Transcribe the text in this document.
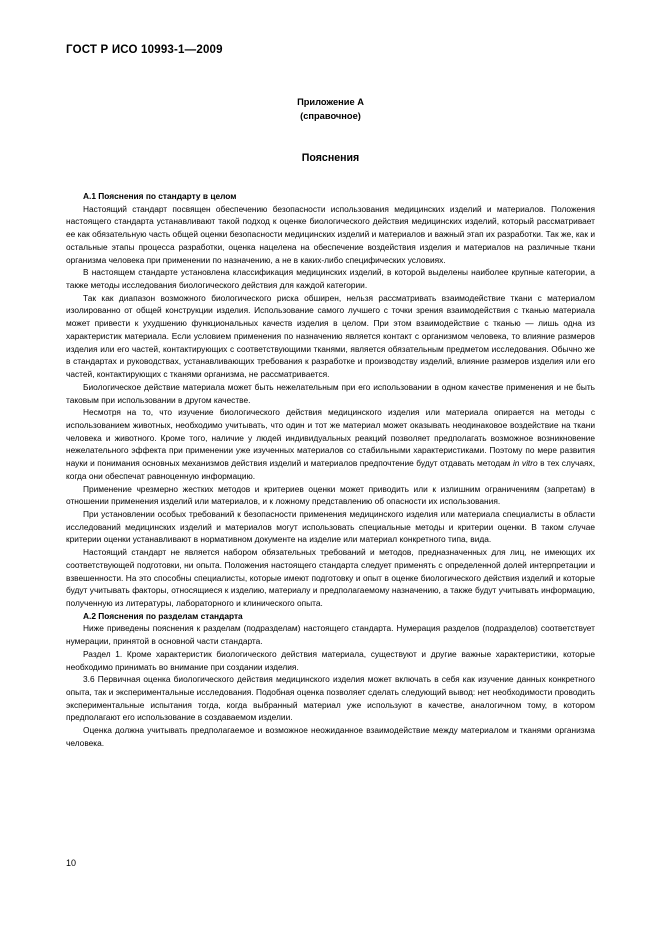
ГОСТ Р ИСО 10993-1—2009
Приложение А
(справочное)
Пояснения

А.1 Пояснения по стандарту в целом

Настоящий стандарт посвящен обеспечению безопасности использования медицинских изделий и материалов. Положения настоящего стандарта устанавливают такой подход к оценке биологического действия медицинских изделий, который рассматривает ее как обязательную часть общей оценки безопасности медицинских изделий и материалов и важный этап их разработки. Так же, как и остальные этапы процесса разработки, оценка нацелена на обеспечение воздействия изделия и материалов на различные ткани организма человека при применении по назначению, а не в каких-либо специфических условиях.

В настоящем стандарте установлена классификация медицинских изделий, в которой выделены наиболее крупные категории, а также методы исследования биологического действия для каждой категории.

Так как диапазон возможного биологического риска обширен, нельзя рассматривать взаимодействие ткани с материалом изолированно от общей конструкции изделия. Использование самого лучшего с точки зрения взаимодействия с тканью материала может привести к ухудшению функциональных качеств изделия в целом. При этом взаимодействие с тканью — лишь одна из характеристик материала. Если условием применения по назначению является контакт с организмом человека, то влияние размеров изделия или его частей, контактирующих с соответствующими тканями, является обязательным предметом исследования. Обычно же в стандартах и руководствах, устанавливающих требования к разработке и производству изделий, влияние размеров изделия или его частей, контактирующих с тканями организма, не рассматривается.

Биологическое действие материала может быть нежелательным при его использовании в одном качестве применения и не быть таковым при использовании в другом качестве.

Несмотря на то, что изучение биологического действия медицинского изделия или материала опирается на методы с использованием животных, необходимо учитывать, что один и тот же материал может оказывать неодинаковое воздействие на ткани человека и животного. Кроме того, наличие у людей индивидуальных реакций позволяет предполагать возможное возникновение нежелательного эффекта при применении уже изученных материалов со стабильными характеристиками. Поэтому по мере развития науки и понимания основных механизмов действия изделий и материалов предпочтение будут отдавать методам in vitro в тех случаях, когда они обеспечат равноценную информацию.

Применение чрезмерно жестких методов и критериев оценки может приводить или к излишним ограничениям (запретам) в отношении применения изделий или материалов, и к ложному представлению об опасности их использования.

При установлении особых требований к безопасности применения медицинского изделия или материала специалисты в области исследований медицинских изделий и материалов могут использовать специальные методы и критерии оценки. В таком случае критерии оценки устанавливают в нормативном документе на изделие или материал конкретного типа, вида.

Настоящий стандарт не является набором обязательных требований и методов, предназначенных для лиц, не имеющих их соответствующей подготовки, ни опыта. Положения настоящего стандарта следует применять с определенной долей интерпретации и взвешенности. На это способны специалисты, которые имеют подготовку и опыт в оценке биологического действия изделий и которые будут учитывать факторы, относящиеся к изделию, материалу и предполагаемому назначению, а также будут учитывать информацию, полученную из литературы, лабораторного и клинического опыта.

А.2 Пояснения по разделам стандарта

Ниже приведены пояснения к разделам (подразделам) настоящего стандарта. Нумерация разделов (подразделов) соответствует нумерации, принятой в основной части стандарта.

Раздел 1. Кроме характеристик биологического действия материала, существуют и другие важные характеристики, которые необходимо принимать во внимание при создании изделия.

3.6 Первичная оценка биологического действия медицинского изделия может включать в себя как изучение данных конкретного опыта, так и экспериментальные исследования. Подобная оценка позволяет сделать следующий вывод: нет необходимости проводить экспериментальные испытания тогда, когда выбранный материал уже используют в качестве, аналогичном тому, в котором предполагают его использование в создаваемом изделии.

Оценка должна учитывать предполагаемое и возможное неожиданное взаимодействие между материалом и тканями организма человека.

10
